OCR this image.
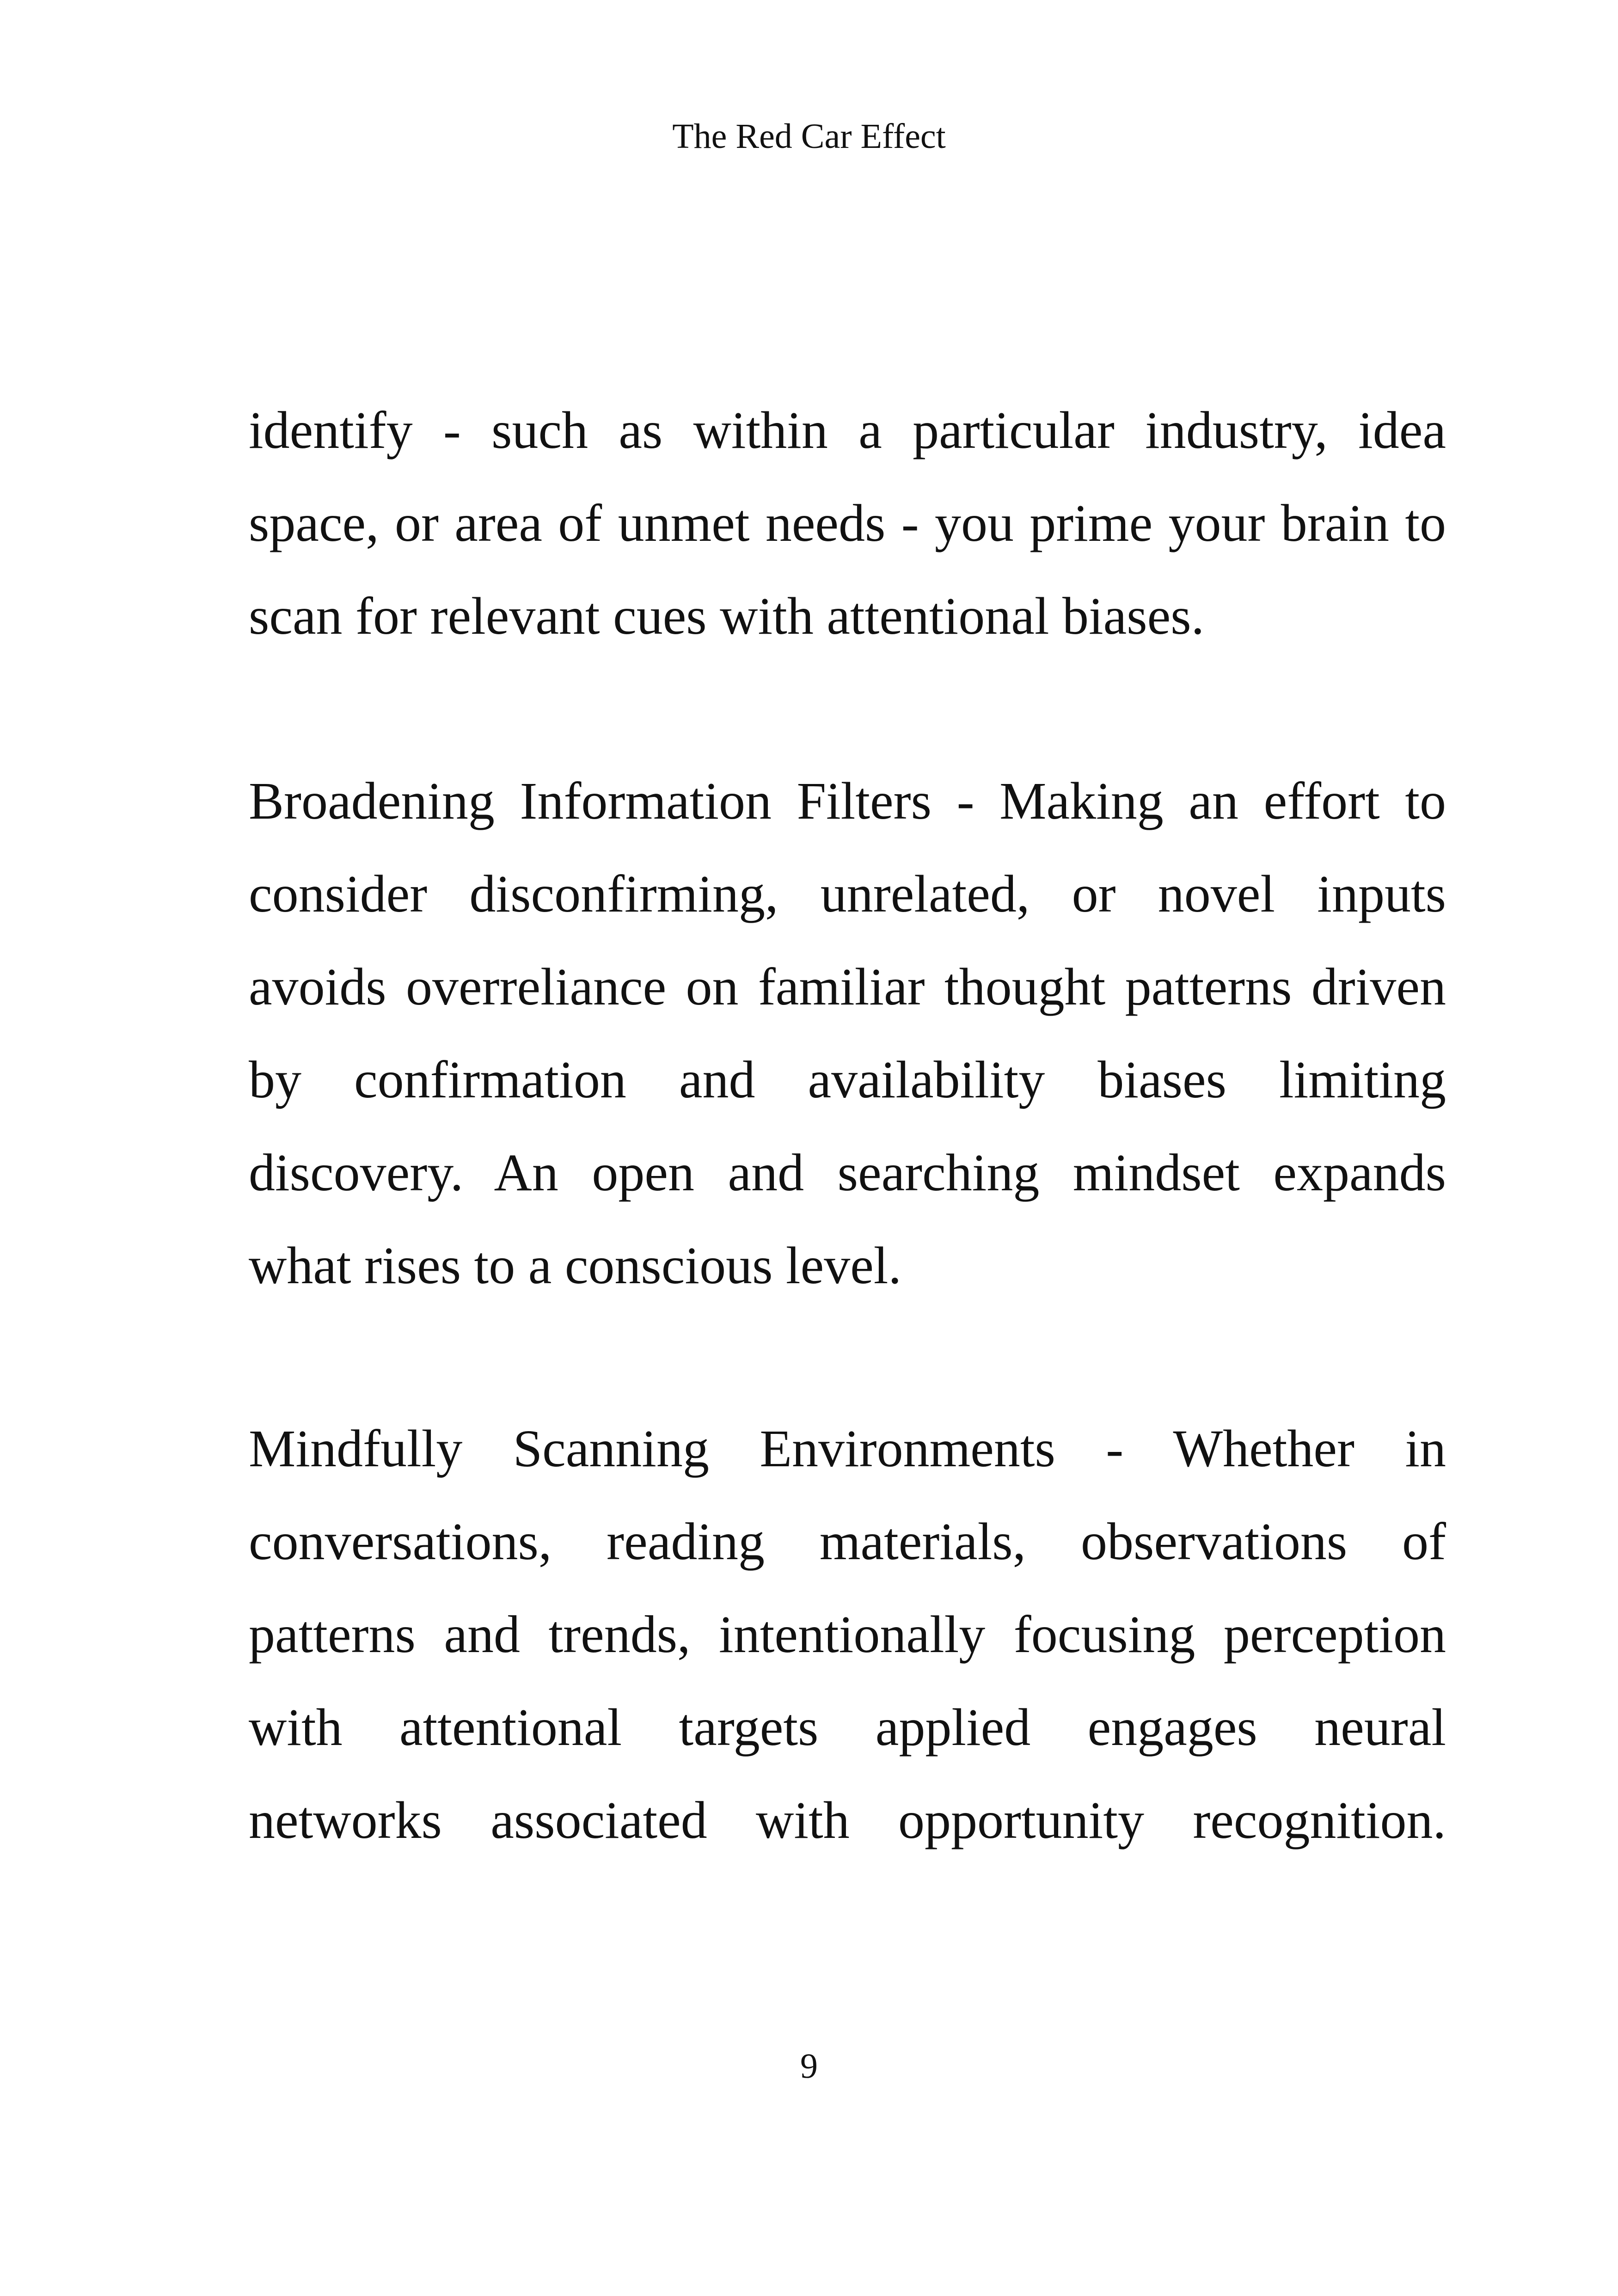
The Red Car Effect
identify - such as within a particular industry, idea
space, or area of unmet needs - you prime your brain to
scan for relevant cues with attentional biases.
Broadening Information Filters - Making an effort to
consider disconfirming, unrelated, or novel inputs
avoids overreliance on familiar thought patterns driven
by confirmation and availability biases limiting
discovery. An open and searching mindset expands
what rises to a conscious level.
Mindfully Scanning Environments - Whether in
conversations, reading materials, observations of
patterns and trends, intentionally focusing perception
with attentional targets applied engages neural
networks associated with opportunity recognition.
9
